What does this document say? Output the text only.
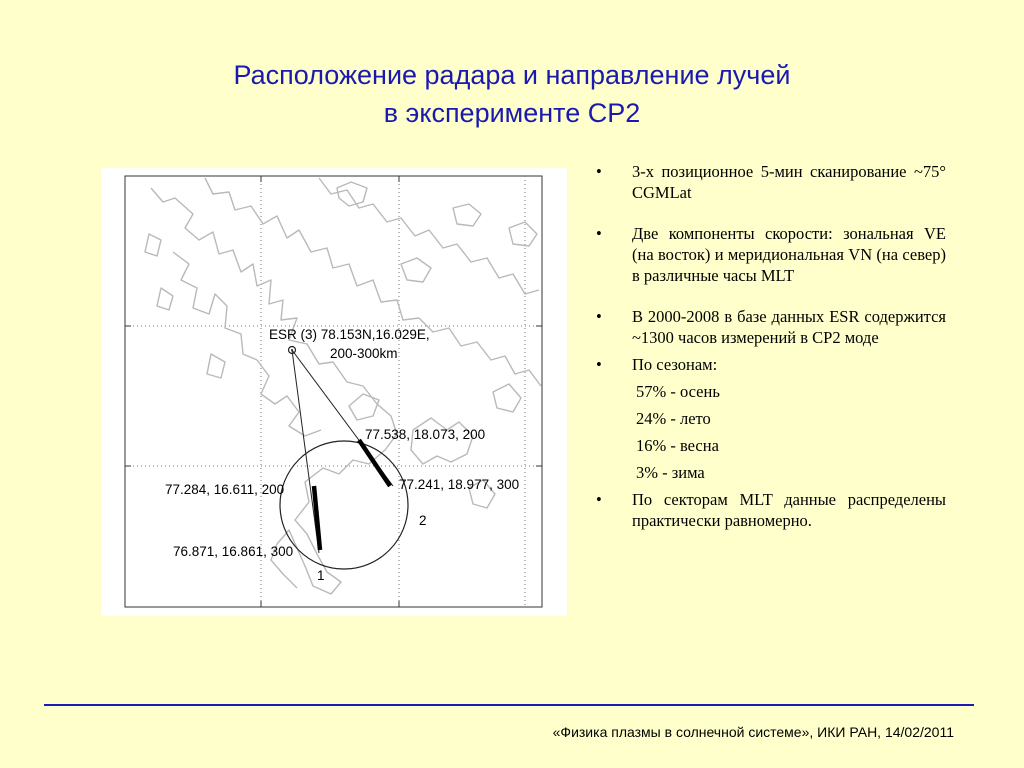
Расположение радара и направление лучей
в эксперименте CP2
ESR (3) 78.153N,16.029E,
200-300km
77.538, 18.073, 200
77.241, 18.977, 300
77.284, 16.611, 200
76.871, 16.861, 300
1
2
• 3-х позиционное 5-мин сканирование ~75° CGMLat
• Две компоненты скорости: зональная VE (на восток) и меридиональная VN (на север) в различные часы MLT
• В 2000-2008 в базе данных ESR содержится ~1300 часов измерений в CP2 моде
• По сезонам:
57% - осень
24% - лето
16% - весна
3% - зима
• По секторам MLT данные распределены практически равномерно.
«Физика плазмы в солнечной системе», ИКИ РАН, 14/02/2011
